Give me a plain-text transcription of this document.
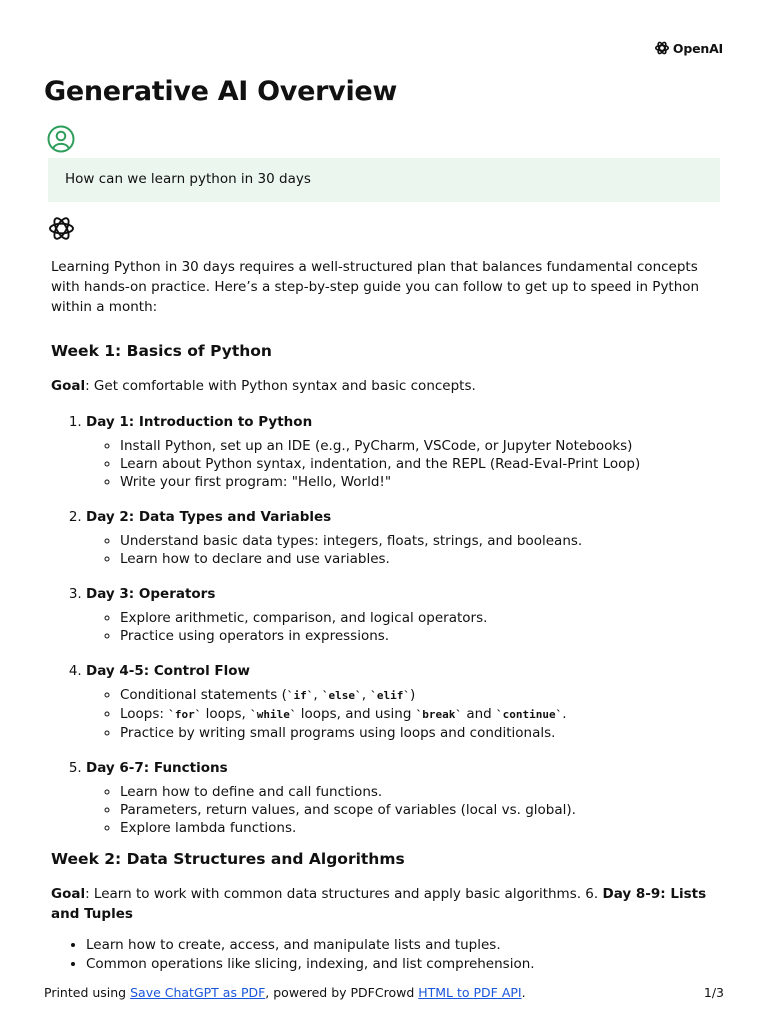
OpenAI
Generative AI Overview
How can we learn python in 30 days

Learning Python in 30 days requires a well-structured plan that balances fundamental concepts with hands-on practice. Here’s a step-by-step guide you can follow to get up to speed in Python within a month:

Week 1: Basics of Python

Goal: Get comfortable with Python syntax and basic concepts.

1. Day 1: Introduction to Python
◦ Install Python, set up an IDE (e.g., PyCharm, VSCode, or Jupyter Notebooks)
◦ Learn about Python syntax, indentation, and the REPL (Read-Eval-Print Loop)
◦ Write your first program: "Hello, World!"
2. Day 2: Data Types and Variables
◦ Understand basic data types: integers, floats, strings, and booleans.
◦ Learn how to declare and use variables.
3. Day 3: Operators
◦ Explore arithmetic, comparison, and logical operators.
◦ Practice using operators in expressions.
4. Day 4-5: Control Flow
◦ Conditional statements (`if`, `else`, `elif`)
◦ Loops: `for` loops, `while` loops, and using `break` and `continue`.
◦ Practice by writing small programs using loops and conditionals.
5. Day 6-7: Functions
◦ Learn how to define and call functions.
◦ Parameters, return values, and scope of variables (local vs. global).
◦ Explore lambda functions.
Week 2: Data Structures and Algorithms

Goal: Learn to work with common data structures and apply basic algorithms. 6. Day 8-9: Lists and Tuples

• Learn how to create, access, and manipulate lists and tuples.
• Common operations like slicing, indexing, and list comprehension.
Printed using Save ChatGPT as PDF, powered by PDFCrowd HTML to PDF API.	1/3
